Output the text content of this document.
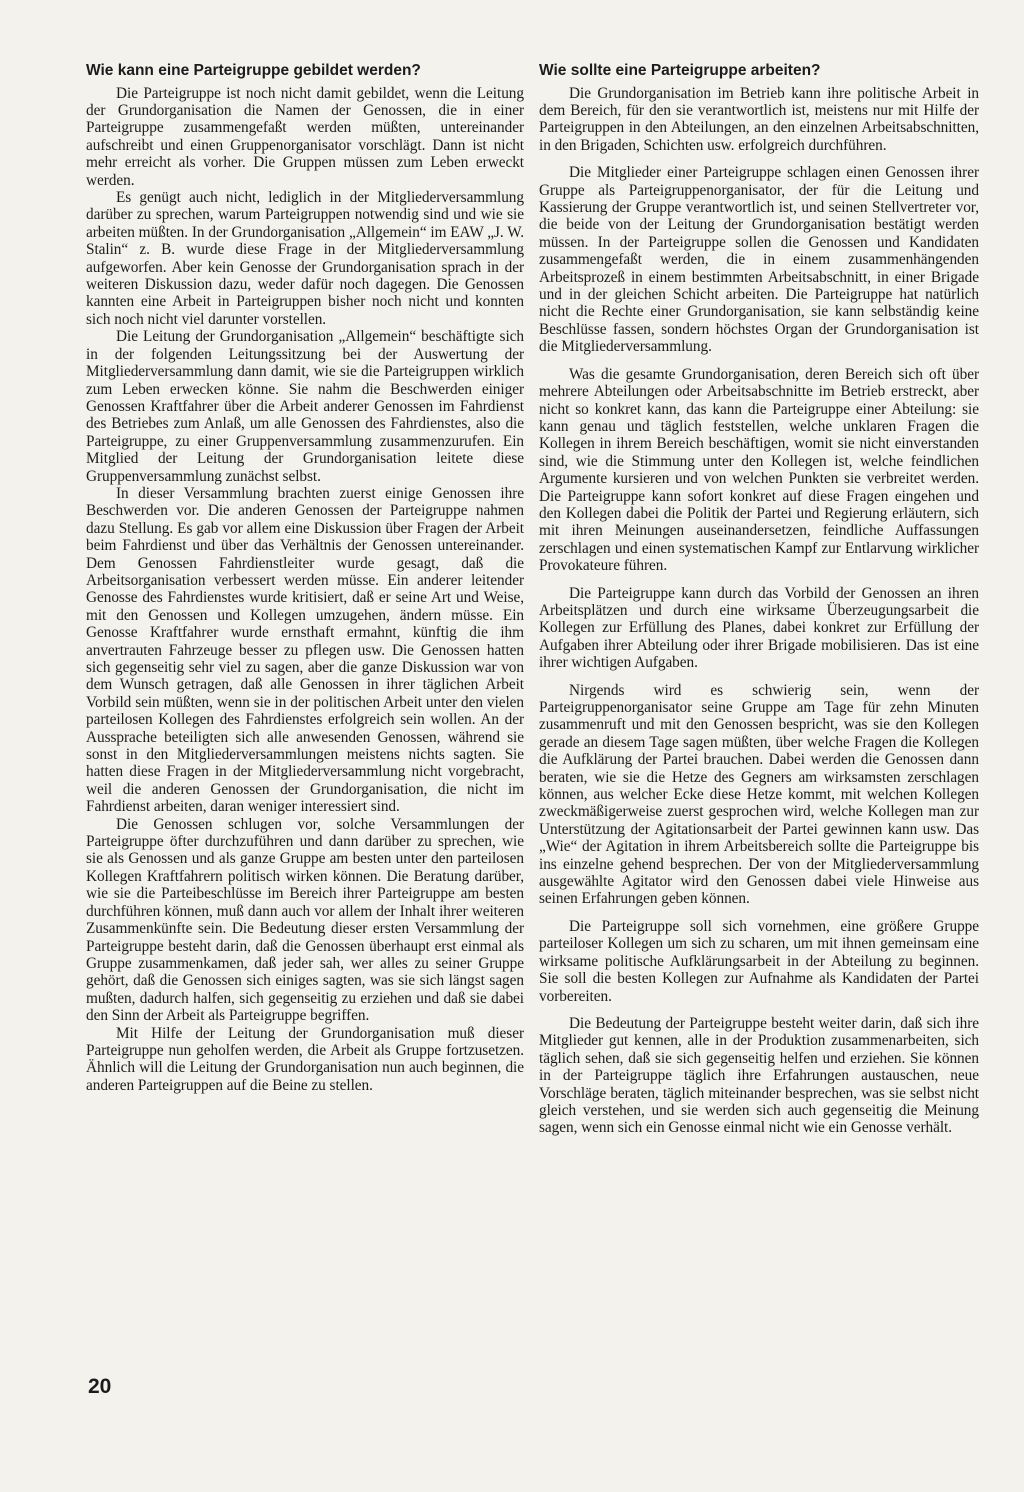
Wie kann eine Parteigruppe gebildet werden?

Die Parteigruppe ist noch nicht damit gebildet, wenn die Leitung der Grundorganisation die Namen der Genossen, die in einer Parteigruppe zusammengefaßt werden müßten, untereinander aufschreibt und einen Gruppenorganisator vorschlägt. Dann ist nicht mehr erreicht als vorher. Die Gruppen müssen zum Leben erweckt werden.

Es genügt auch nicht, lediglich in der Mitgliederversammlung darüber zu sprechen, warum Parteigruppen notwendig sind und wie sie arbeiten müßten. In der Grundorganisation „Allgemein“ im EAW „J. W. Stalin“ z. B. wurde diese Frage in der Mitgliederversammlung aufgeworfen. Aber kein Genosse der Grundorganisation sprach in der weiteren Diskussion dazu, weder dafür noch dagegen. Die Genossen kannten eine Arbeit in Parteigruppen bisher noch nicht und konnten sich noch nicht viel darunter vorstellen.

Die Leitung der Grundorganisation „Allgemein“ beschäftigte sich in der folgenden Leitungssitzung bei der Auswertung der Mitgliederversammlung dann damit, wie sie die Parteigruppen wirklich zum Leben erwecken könne. Sie nahm die Beschwerden einiger Genossen Kraftfahrer über die Arbeit anderer Genossen im Fahrdienst des Betriebes zum Anlaß, um alle Genossen des Fahrdienstes, also die Parteigruppe, zu einer Gruppenversammlung zusammenzurufen. Ein Mitglied der Leitung der Grundorganisation leitete diese Gruppenversammlung zunächst selbst.

In dieser Versammlung brachten zuerst einige Genossen ihre Beschwerden vor. Die anderen Genossen der Parteigruppe nahmen dazu Stellung. Es gab vor allem eine Diskussion über Fragen der Arbeit beim Fahrdienst und über das Verhältnis der Genossen untereinander. Dem Genossen Fahrdienstleiter wurde gesagt, daß die Arbeitsorganisation verbessert werden müsse. Ein anderer leitender Genosse des Fahrdienstes wurde kritisiert, daß er seine Art und Weise, mit den Genossen und Kollegen umzugehen, ändern müsse. Ein Genosse Kraftfahrer wurde ernsthaft ermahnt, künftig die ihm anvertrauten Fahrzeuge besser zu pflegen usw. Die Genossen hatten sich gegenseitig sehr viel zu sagen, aber die ganze Diskussion war von dem Wunsch getragen, daß alle Genossen in ihrer täglichen Arbeit Vorbild sein müßten, wenn sie in der politischen Arbeit unter den vielen parteilosen Kollegen des Fahrdienstes erfolgreich sein wollen. An der Aussprache beteiligten sich alle anwesenden Genossen, während sie sonst in den Mitgliederversammlungen meistens nichts sagten. Sie hatten diese Fragen in der Mitgliederversammlung nicht vorgebracht, weil die anderen Genossen der Grundorganisation, die nicht im Fahrdienst arbeiten, daran weniger interessiert sind.

Die Genossen schlugen vor, solche Versammlungen der Parteigruppe öfter durchzuführen und dann darüber zu sprechen, wie sie als Genossen und als ganze Gruppe am besten unter den parteilosen Kollegen Kraftfahrern politisch wirken können. Die Beratung darüber, wie sie die Parteibeschlüsse im Bereich ihrer Parteigruppe am besten durchführen können, muß dann auch vor allem der Inhalt ihrer weiteren Zusammenkünfte sein. Die Bedeutung dieser ersten Versammlung der Parteigruppe besteht darin, daß die Genossen überhaupt erst einmal als Gruppe zusammenkamen, daß jeder sah, wer alles zu seiner Gruppe gehört, daß die Genossen sich einiges sagten, was sie sich längst sagen mußten, dadurch halfen, sich gegenseitig zu erziehen und daß sie dabei den Sinn der Arbeit als Parteigruppe begriffen.

Mit Hilfe der Leitung der Grundorganisation muß dieser Parteigruppe nun geholfen werden, die Arbeit als Gruppe fortzusetzen. Ähnlich will die Leitung der Grundorganisation nun auch beginnen, die anderen Parteigruppen auf die Beine zu stellen.

Wie sollte eine Parteigruppe arbeiten?

Die Grundorganisation im Betrieb kann ihre politische Arbeit in dem Bereich, für den sie verantwortlich ist, meistens nur mit Hilfe der Parteigruppen in den Abteilungen, an den einzelnen Arbeitsabschnitten, in den Brigaden, Schichten usw. erfolgreich durchführen.

Die Mitglieder einer Parteigruppe schlagen einen Genossen ihrer Gruppe als Parteigruppenorganisator, der für die Leitung und Kassierung der Gruppe verantwortlich ist, und seinen Stellvertreter vor, die beide von der Leitung der Grundorganisation bestätigt werden müssen. In der Parteigruppe sollen die Genossen und Kandidaten zusammengefaßt werden, die in einem zusammenhängenden Arbeitsprozeß in einem bestimmten Arbeitsabschnitt, in einer Brigade und in der gleichen Schicht arbeiten. Die Parteigruppe hat natürlich nicht die Rechte einer Grundorganisation, sie kann selbständig keine Beschlüsse fassen, sondern höchstes Organ der Grundorganisation ist die Mitgliederversammlung.

Was die gesamte Grundorganisation, deren Bereich sich oft über mehrere Abteilungen oder Arbeitsabschnitte im Betrieb erstreckt, aber nicht so konkret kann, das kann die Parteigruppe einer Abteilung: sie kann genau und täglich feststellen, welche unklaren Fragen die Kollegen in ihrem Bereich beschäftigen, womit sie nicht einverstanden sind, wie die Stimmung unter den Kollegen ist, welche feindlichen Argumente kursieren und von welchen Punkten sie verbreitet werden. Die Parteigruppe kann sofort konkret auf diese Fragen eingehen und den Kollegen dabei die Politik der Partei und Regierung erläutern, sich mit ihren Meinungen auseinandersetzen, feindliche Auffassungen zerschlagen und einen systematischen Kampf zur Entlarvung wirklicher Provokateure führen.

Die Parteigruppe kann durch das Vorbild der Genossen an ihren Arbeitsplätzen und durch eine wirksame Überzeugungsarbeit die Kollegen zur Erfüllung des Planes, dabei konkret zur Erfüllung der Aufgaben ihrer Abteilung oder ihrer Brigade mobilisieren. Das ist eine ihrer wichtigen Aufgaben.

Nirgends wird es schwierig sein, wenn der Parteigruppenorganisator seine Gruppe am Tage für zehn Minuten zusammenruft und mit den Genossen bespricht, was sie den Kollegen gerade an diesem Tage sagen müßten, über welche Fragen die Kollegen die Aufklärung der Partei brauchen. Dabei werden die Genossen dann beraten, wie sie die Hetze des Gegners am wirksamsten zerschlagen können, aus welcher Ecke diese Hetze kommt, mit welchen Kollegen zweckmäßigerweise zuerst gesprochen wird, welche Kollegen man zur Unterstützung der Agitationsarbeit der Partei gewinnen kann usw. Das „Wie“ der Agitation in ihrem Arbeitsbereich sollte die Parteigruppe bis ins einzelne gehend besprechen. Der von der Mitgliederversammlung ausgewählte Agitator wird den Genossen dabei viele Hinweise aus seinen Erfahrungen geben können.

Die Parteigruppe soll sich vornehmen, eine größere Gruppe parteiloser Kollegen um sich zu scharen, um mit ihnen gemeinsam eine wirksame politische Aufklärungsarbeit in der Abteilung zu beginnen. Sie soll die besten Kollegen zur Aufnahme als Kandidaten der Partei vorbereiten.

Die Bedeutung der Parteigruppe besteht weiter darin, daß sich ihre Mitglieder gut kennen, alle in der Produktion zusammenarbeiten, sich täglich sehen, daß sie sich gegenseitig helfen und erziehen. Sie können in der Parteigruppe täglich ihre Erfahrungen austauschen, neue Vorschläge beraten, täglich miteinander besprechen, was sie selbst nicht gleich verstehen, und sie werden sich auch gegenseitig die Meinung sagen, wenn sich ein Genosse einmal nicht wie ein Genosse verhält.

20
